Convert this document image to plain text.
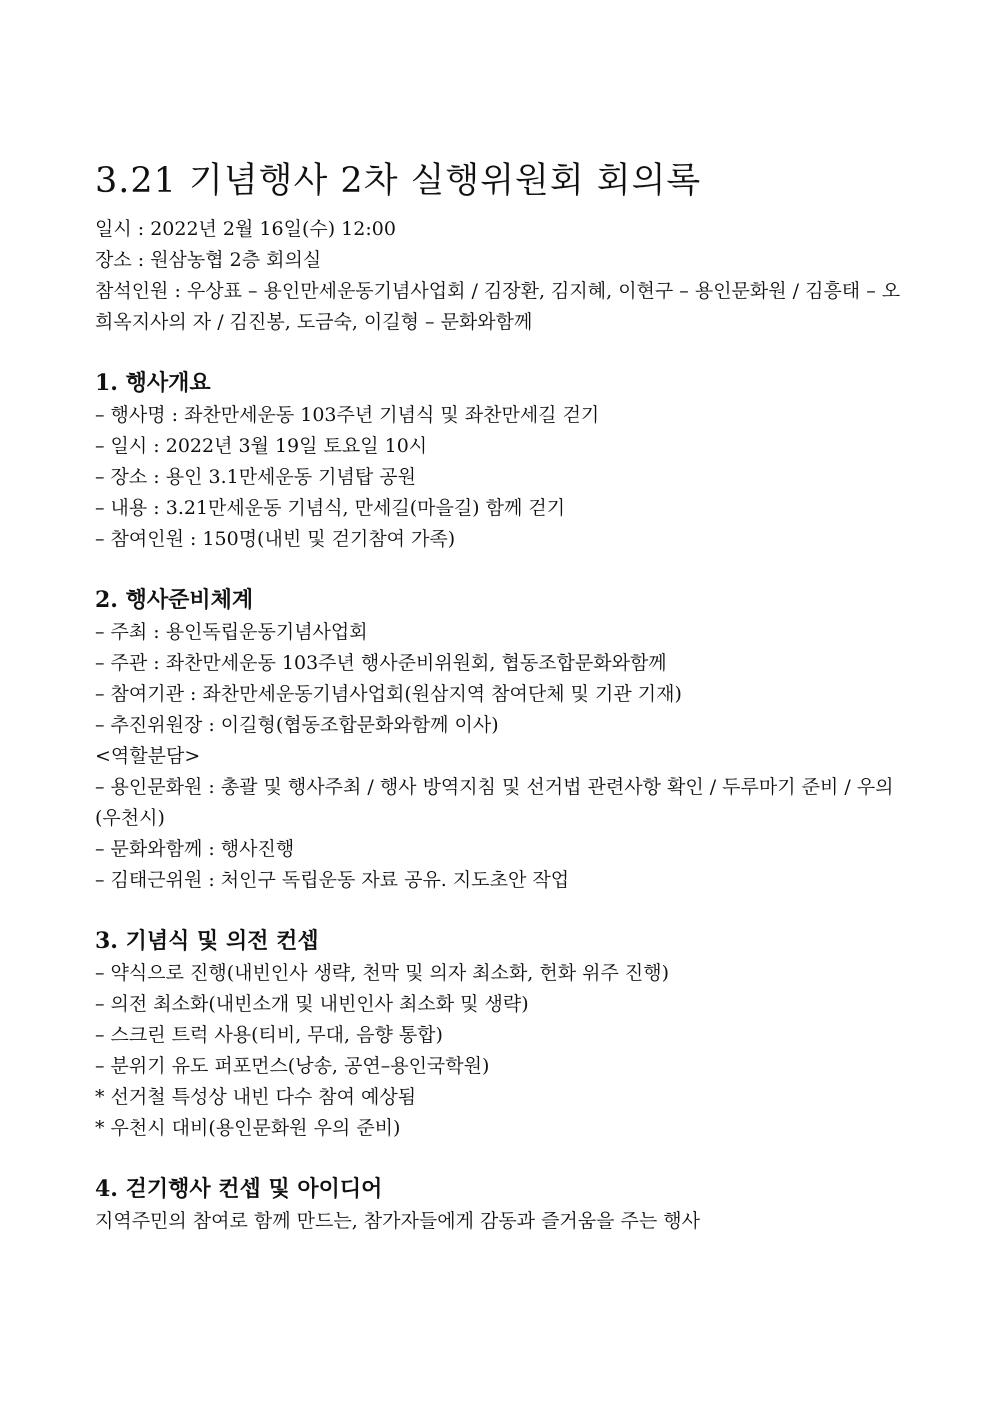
3.21 기념행사 2차 실행위원회 회의록

일시 : 2022년 2월 16일(수) 12:00

장소 : 원삼농협 2층 회의실

참석인원 : 우상표 – 용인만세운동기념사업회 / 김장환, 김지혜, 이현구 – 용인문화원 / 김흥태 – 오희옥지사의 자 / 김진봉, 도금숙, 이길형 – 문화와함께

1. 행사개요
– 행사명 : 좌찬만세운동 103주년 기념식 및 좌찬만세길 걷기
– 일시 : 2022년 3월 19일 토요일 10시
– 장소 : 용인 3.1만세운동 기념탑 공원
– 내용 : 3.21만세운동 기념식, 만세길(마을길) 함께 걷기
– 참여인원 : 150명(내빈 및 걷기참여 가족)
2. 행사준비체계
– 주최 : 용인독립운동기념사업회
– 주관 : 좌찬만세운동 103주년 행사준비위원회, 협동조합문화와함께
– 참여기관 : 좌찬만세운동기념사업회(원삼지역 참여단체 및 기관 기재)
– 추진위원장 : 이길형(협동조합문화와함께 이사)
<역할분담>
– 용인문화원 : 총괄 및 행사주최 / 행사 방역지침 및 선거법 관련사항 확인 / 두루마기 준비 / 우의(우천시)
– 문화와함께 : 행사진행
– 김태근위원 : 처인구 독립운동 자료 공유. 지도초안 작업
3. 기념식 및 의전 컨셉
– 약식으로 진행(내빈인사 생략, 천막 및 의자 최소화, 헌화 위주 진행)
– 의전 최소화(내빈소개 및 내빈인사 최소화 및 생략)
– 스크린 트럭 사용(티비, 무대, 음향 통합)
– 분위기 유도 퍼포먼스(낭송, 공연–용인국학원)
* 선거철 특성상 내빈 다수 참여 예상됨
* 우천시 대비(용인문화원 우의 준비)
4. 걷기행사 컨셉 및 아이디어
지역주민의 참여로 함께 만드는, 참가자들에게 감동과 즐거움을 주는 행사
